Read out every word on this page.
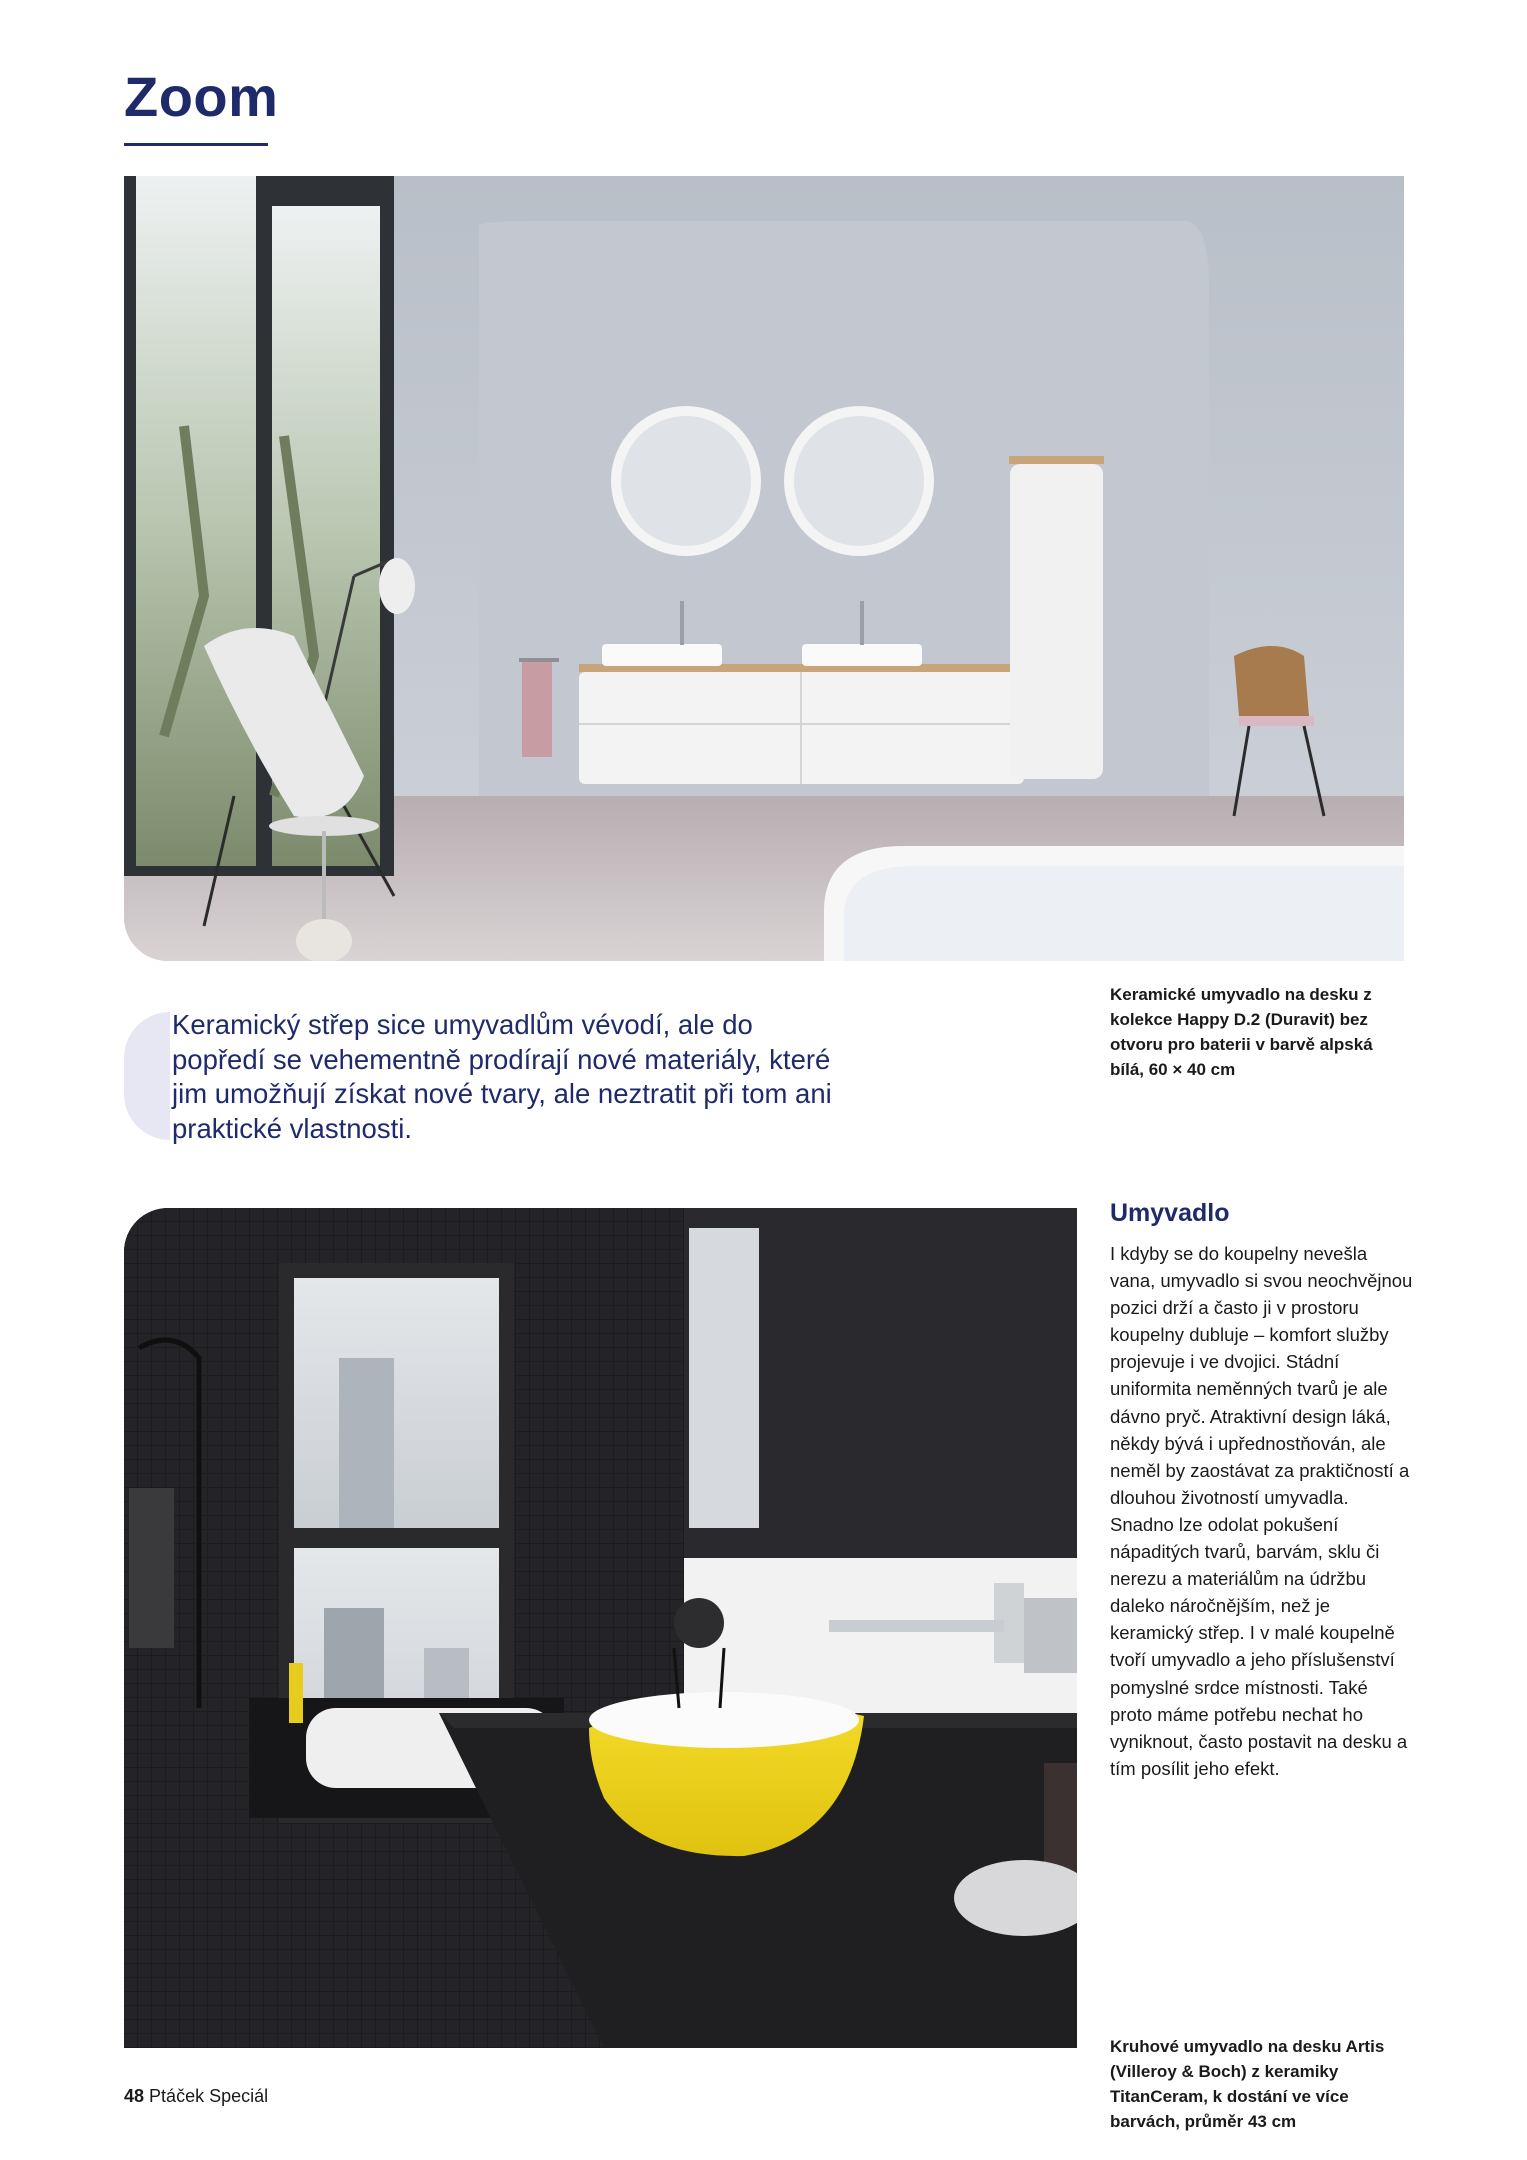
Zoom

Keramický střep sice umyvadlům vévodí, ale do popředí se vehementně prodírají nové materiály, které jim umožňují získat nové tvary, ale neztratit při tom ani praktické vlastnosti.

Keramické umyvadlo na desku z kolekce Happy D.2 (Duravit) bez otvoru pro baterii v barvě alpská bílá, 60 × 40 cm

Umyvadlo

I kdyby se do koupelny nevešla vana, umyvadlo si svou neochvějnou pozici drží a často ji v prostoru koupelny dubluje – komfort služby projevuje i ve dvojici. Stádní uniformita neměnných tvarů je ale dávno pryč. Atraktivní design láká, někdy bývá i upřednostňován, ale neměl by zaostávat za praktičností a dlouhou životností umyvadla. Snadno lze odolat pokušení nápaditých tvarů, barvám, sklu či nerezu a materiálům na údržbu daleko náročnějším, než je keramický střep. I v malé koupelně tvoří umyvadlo a jeho příslušenství pomyslné srdce místnosti. Také proto máme potřebu nechat ho vyniknout, často postavit na desku a tím posílit jeho efekt.

Kruhové umyvadlo na desku Artis (Villeroy & Boch) z keramiky TitanCeram, k dostání ve více barvách, průměr 43 cm

48 Ptáček Speciál
